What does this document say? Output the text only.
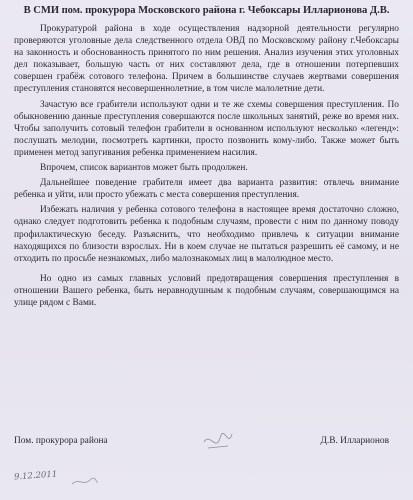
В СМИ пом. прокурора Московского района г. Чебоксары Илларионова Д.В.

Прокуратурой района в ходе осуществления надзорной деятельности регулярно проверяются уголовные дела следственного отдела ОВД по Московскому району г.Чебоксары на законность и обоснованность принятого по ним решения. Анализ изучения этих уголовных дел показывает, большую часть от них составляют дела, где в отношении потерпевших совершен грабёж сотового телефона. Причем в большинстве случаев жертвами совершения преступления становятся несовершеннолетние, в том числе малолетние дети.

Зачастую все грабители используют одни и те же схемы совершения преступления. По обыкновению данные преступления совершаются после школьных занятий, реже во время них. Чтобы заполучить сотовый телефон грабители в основанном используют несколько «легенд»: послушать мелодии, посмотреть картинки, просто позвонить кому-либо. Также может быть применен метод запугивания ребенка применением насилия.

Впрочем, список вариантов может быть продолжен.

Дальнейшее поведение грабителя имеет два варианта развития: отвлечь внимание ребенка и уйти, или просто убежать с места совершения преступления.

Избежать наличия у ребенка сотового телефона в настоящее время достаточно сложно, однако следует подготовить ребенка к подобным случаям, провести с ним по данному поводу профилактическую беседу. Разъяснить, что необходимо привлечь к ситуации внимание находящихся по близости взрослых. Ни в коем случае не пытаться разрешить её самому, и не отходить по просьбе незнакомых, либо малознакомых лиц в малолюдное место.

Но одно из самых главных условий предотвращения совершения преступления в отношении Вашего ребенка, быть неравнодушным к подобным случаям, совершающимся на улице рядом с Вами.

Пом. прокурора района	Д.В. Илларионов
9.12.2011
